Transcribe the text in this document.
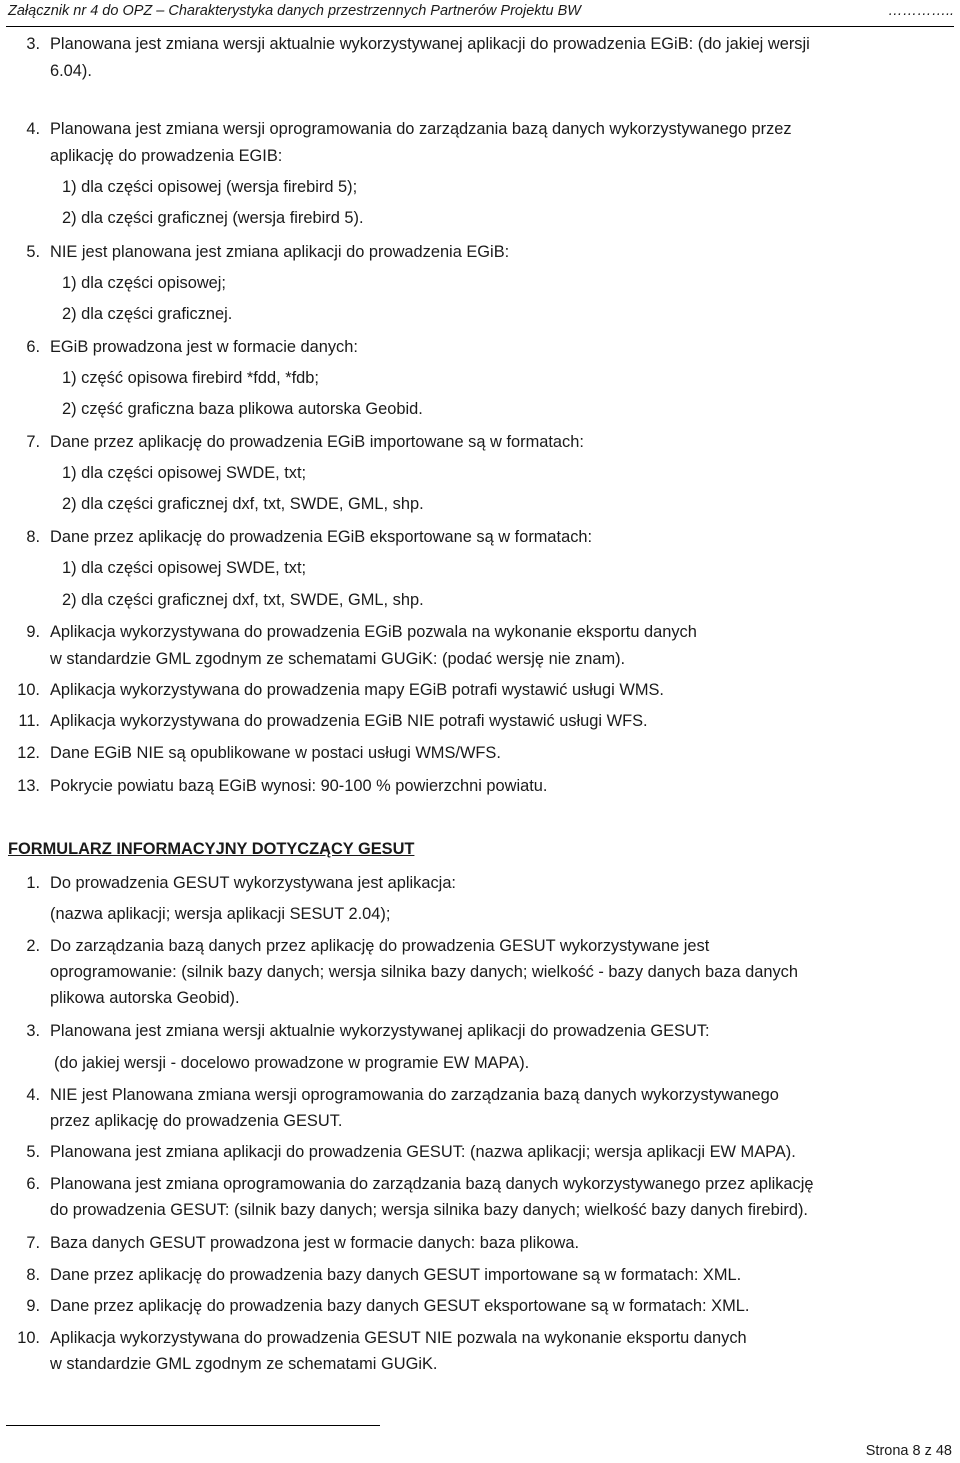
Załącznik nr 4 do OPZ – Charakterystyka danych przestrzennych Partnerów Projektu BW	…………..
3. Planowana jest zmiana wersji aktualnie wykorzystywanej aplikacji do prowadzenia EGiB: (do jakiej wersji
6.04).
4. Planowana jest zmiana wersji oprogramowania do zarządzania bazą danych wykorzystywanego przez
aplikację do prowadzenia EGIB:
1) dla części opisowej (wersja firebird 5);
2) dla części graficznej (wersja firebird 5).
5. NIE jest planowana jest zmiana aplikacji do prowadzenia EGiB:
1) dla części opisowej;
2) dla części graficznej.
6. EGiB prowadzona jest w formacie danych:
1) część opisowa firebird *fdd, *fdb;
2) część graficzna baza plikowa autorska Geobid.
7. Dane przez aplikację do prowadzenia EGiB importowane są w formatach:
1) dla części opisowej SWDE, txt;
2) dla części graficznej dxf, txt, SWDE, GML, shp.
8. Dane przez aplikację do prowadzenia EGiB eksportowane są w formatach:
1) dla części opisowej SWDE, txt;
2) dla części graficznej dxf, txt, SWDE, GML, shp.
9. Aplikacja wykorzystywana do prowadzenia EGiB pozwala na wykonanie eksportu danych
w standardzie GML zgodnym ze schematami GUGiK: (podać wersję nie znam).
10. Aplikacja wykorzystywana do prowadzenia mapy EGiB potrafi wystawić usługi WMS.
11. Aplikacja wykorzystywana do prowadzenia EGiB NIE potrafi wystawić usługi WFS.
12. Dane EGiB NIE są opublikowane w postaci usługi WMS/WFS.
13. Pokrycie powiatu bazą EGiB wynosi: 90-100 % powierzchni powiatu.
FORMULARZ INFORMACYJNY DOTYCZĄCY GESUT
1. Do prowadzenia GESUT wykorzystywana jest aplikacja:
(nazwa aplikacji; wersja aplikacji SESUT 2.04);
2. Do zarządzania bazą danych przez aplikację do prowadzenia GESUT wykorzystywane jest
oprogramowanie: (silnik bazy danych; wersja silnika bazy danych; wielkość - bazy danych baza danych
plikowa autorska Geobid).
3. Planowana jest zmiana wersji aktualnie wykorzystywanej aplikacji do prowadzenia GESUT:
(do jakiej wersji - docelowo prowadzone w programie EW MAPA).
4. NIE jest Planowana zmiana wersji oprogramowania do zarządzania bazą danych wykorzystywanego
przez aplikację do prowadzenia GESUT.
5. Planowana jest zmiana aplikacji do prowadzenia GESUT: (nazwa aplikacji; wersja aplikacji EW MAPA).
6. Planowana jest zmiana oprogramowania do zarządzania bazą danych wykorzystywanego przez aplikację
do prowadzenia GESUT: (silnik bazy danych; wersja silnika bazy danych; wielkość bazy danych firebird).
7. Baza danych GESUT prowadzona jest w formacie danych: baza plikowa.
8. Dane przez aplikację do prowadzenia bazy danych GESUT importowane są w formatach: XML.
9. Dane przez aplikację do prowadzenia bazy danych GESUT eksportowane są w formatach: XML.
10. Aplikacja wykorzystywana do prowadzenia GESUT NIE pozwala na wykonanie eksportu danych
w standardzie GML zgodnym ze schematami GUGiK.
Strona 8 z 48
